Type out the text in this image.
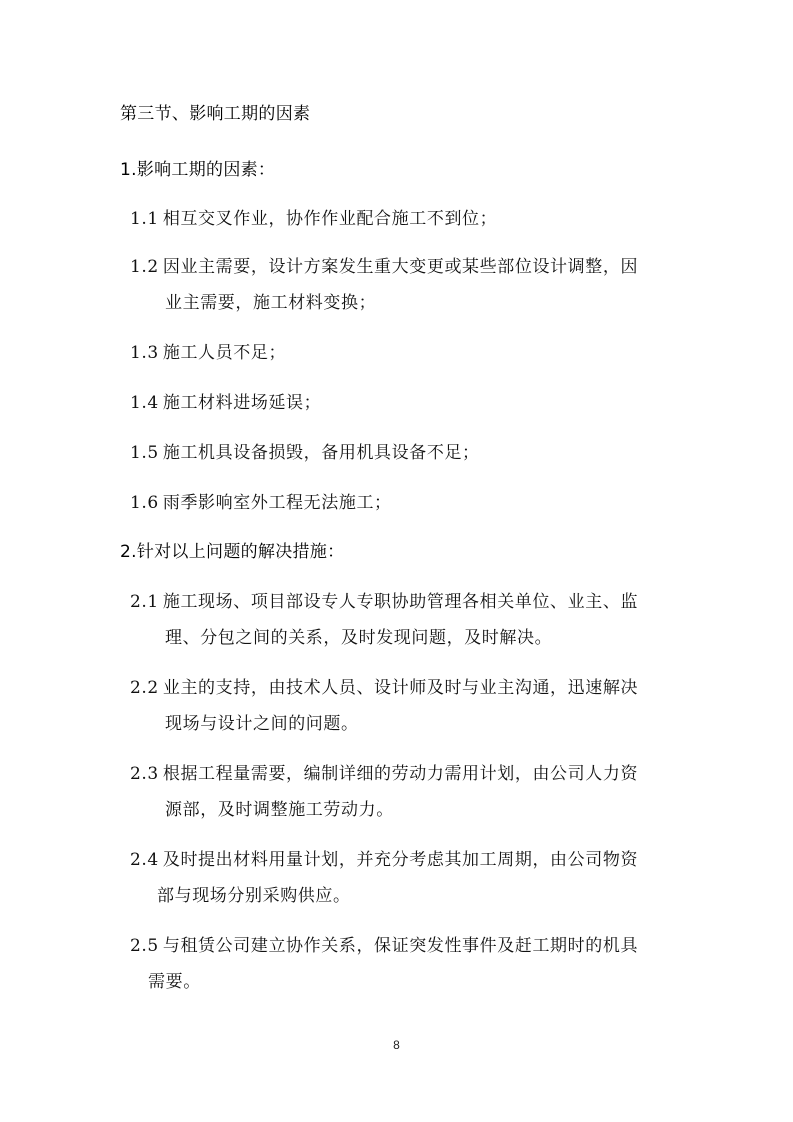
第三节、影响工期的因素
1.影响工期的因素：
1.1 相互交叉作业，协作作业配合施工不到位；
1.2 因业主需要，设计方案发生重大变更或某些部位设计调整，因
业主需要，施工材料变换；
1.3 施工人员不足；
1.4 施工材料进场延误；
1.5 施工机具设备损毁，备用机具设备不足；
1.6 雨季影响室外工程无法施工；
2.针对以上问题的解决措施：
2.1 施工现场、项目部设专人专职协助管理各相关单位、业主、监
理、分包之间的关系，及时发现问题，及时解决。
2.2 业主的支持，由技术人员、设计师及时与业主沟通，迅速解决
现场与设计之间的问题。
2.3 根据工程量需要，编制详细的劳动力需用计划，由公司人力资
源部，及时调整施工劳动力。
2.4 及时提出材料用量计划，并充分考虑其加工周期，由公司物资
部与现场分别采购供应。
2.5 与租赁公司建立协作关系，保证突发性事件及赶工期时的机具
需要。
8
